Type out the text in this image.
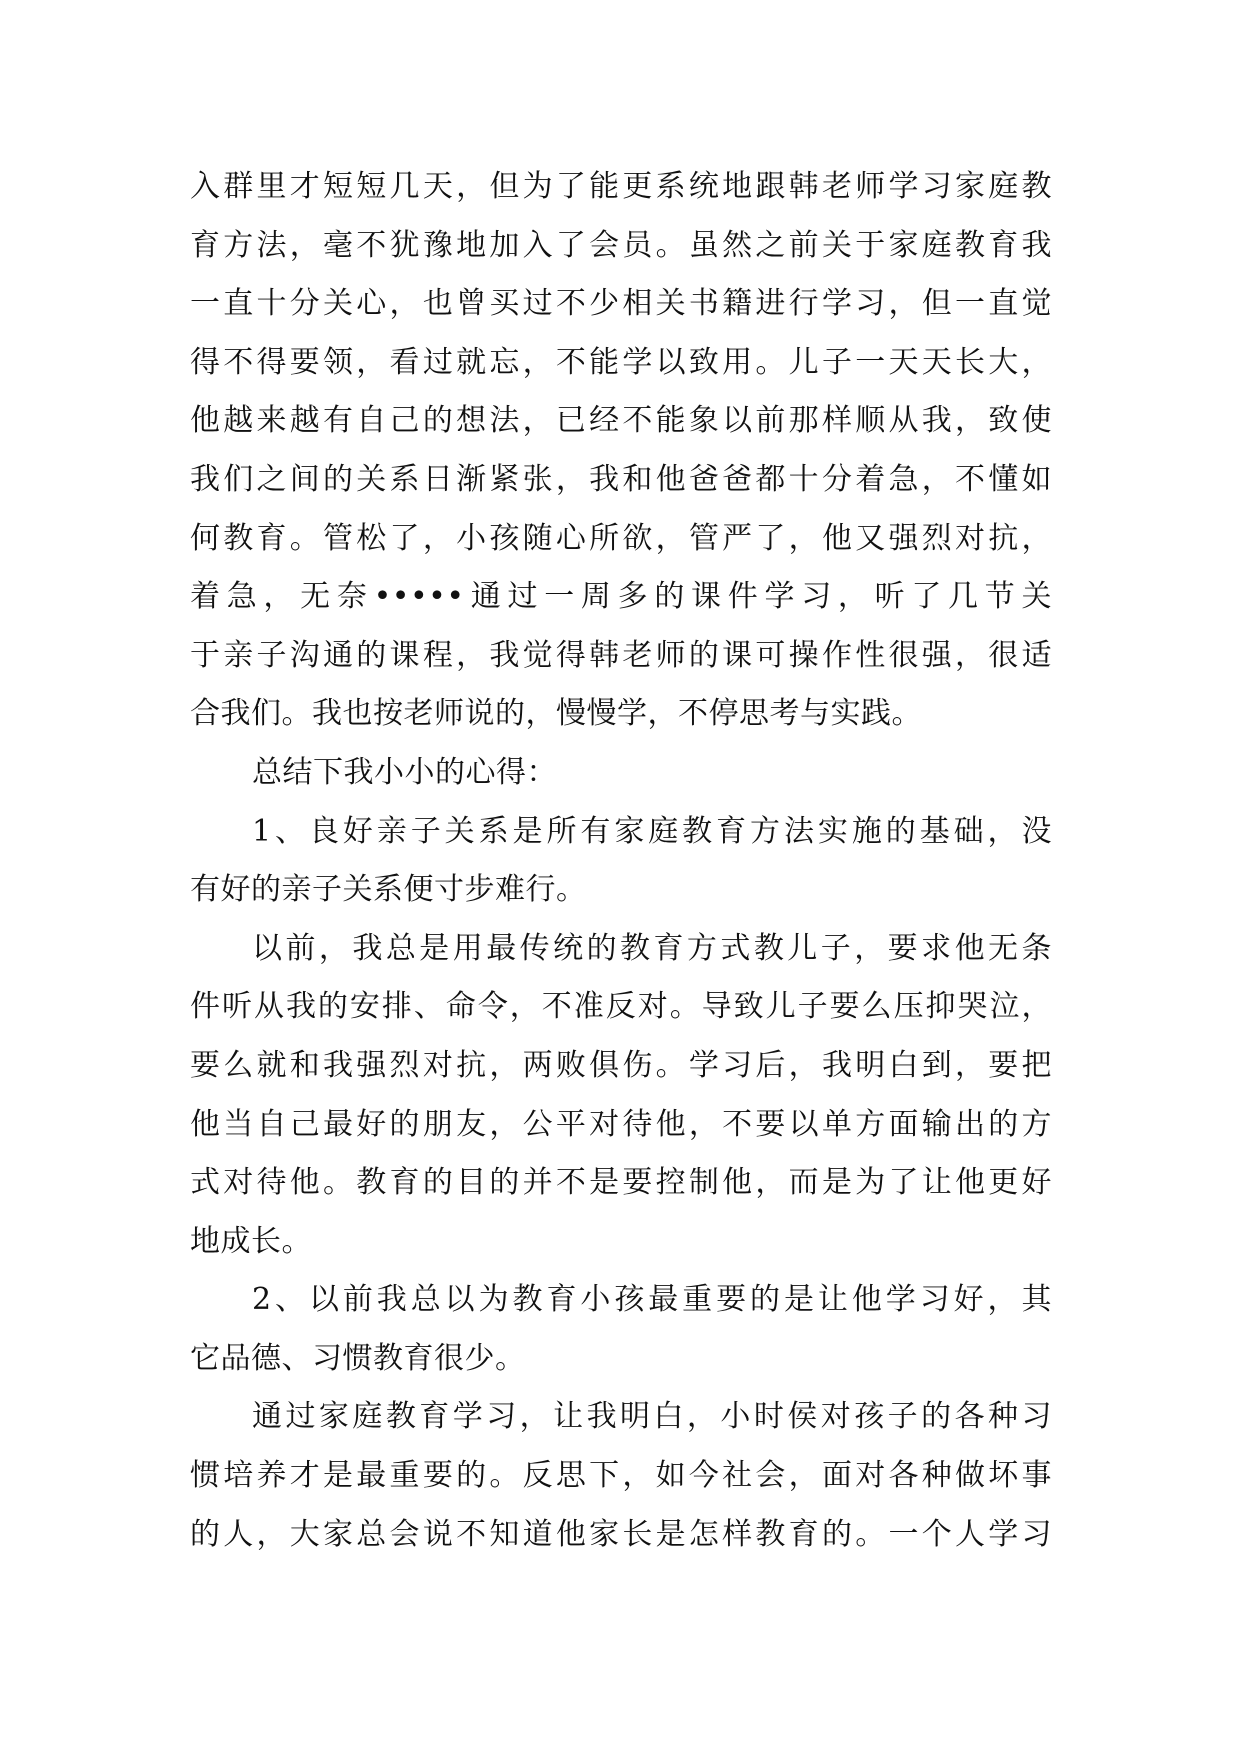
入群里才短短几天，但为了能更系统地跟韩老师学习家庭教
育方法，毫不犹豫地加入了会员。虽然之前关于家庭教育我
一直十分关心，也曾买过不少相关书籍进行学习，但一直觉
得不得要领，看过就忘，不能学以致用。儿子一天天长大，
他越来越有自己的想法，已经不能象以前那样顺从我，致使
我们之间的关系日渐紧张，我和他爸爸都十分着急，不懂如
何教育。管松了，小孩随心所欲，管严了，他又强烈对抗，
着急，无奈•••••通过一周多的课件学习，听了几节关
于亲子沟通的课程，我觉得韩老师的课可操作性很强，很适
合我们。我也按老师说的，慢慢学，不停思考与实践。
总结下我小小的心得：
1、良好亲子关系是所有家庭教育方法实施的基础，没
有好的亲子关系便寸步难行。
以前，我总是用最传统的教育方式教儿子，要求他无条
件听从我的安排、命令，不准反对。导致儿子要么压抑哭泣，
要么就和我强烈对抗，两败俱伤。学习后，我明白到，要把
他当自己最好的朋友，公平对待他，不要以单方面输出的方
式对待他。教育的目的并不是要控制他，而是为了让他更好
地成长。
2、以前我总以为教育小孩最重要的是让他学习好，其
它品德、习惯教育很少。
通过家庭教育学习，让我明白，小时侯对孩子的各种习
惯培养才是最重要的。反思下，如今社会，面对各种做坏事
的人，大家总会说不知道他家长是怎样教育的。一个人学习
